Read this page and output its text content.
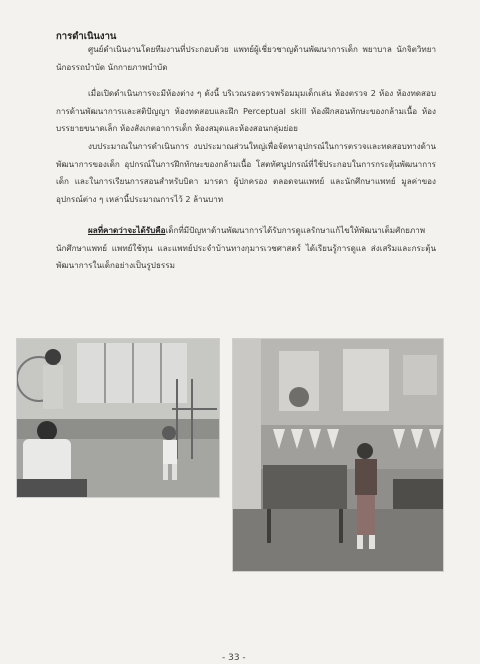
การดำเนินงาน
ศูนย์ดำเนินงานโดยทีมงานที่ประกอบด้วย แพทย์ผู้เชี่ยวชาญด้านพัฒนาการเด็ก พยาบาล นักจิตวิทยา นักอรรถบำบัด นักกายภาพบำบัด
เมื่อเปิดดำเนินการจะมีห้องต่าง ๆ ดังนี้ บริเวณรอตรวจพร้อมมุมเด็กเล่น ห้องตรวจ 2 ห้อง ห้องทดสอบการด้านพัฒนาการและสติปัญญา ห้องทดสอบและฝึก Perceptual skill ห้องฝึกสอนทักษะของกล้ามเนื้อ ห้องบรรยายขนาดเล็ก ห้องสังเกตอาการเด็ก ห้องสมุดและห้องสอนกลุ่มย่อย
งบประมาณในการดำเนินการ งบประมาณส่วนใหญ่เพื่อจัดหาอุปกรณ์ในการตรวจและทดสอบทางด้านพัฒนาการของเด็ก อุปกรณ์ในการฝึกทักษะของกล้ามเนื้อ โสตทัศนูปกรณ์ที่ใช้ประกอบในการกระตุ้นพัฒนาการเด็ก และในการเรียนการสอนสำหรับบิดา มารดา ผู้ปกครอง ตลอดจนแพทย์ และนักศึกษาแพทย์ มูลค่าของอุปกรณ์ต่าง ๆ เหล่านี้ประมาณการไว้ 2 ล้านบาท
ผลที่คาดว่าจะได้รับคือเด็กที่มีปัญหาด้านพัฒนาการได้รับการดูแลรักษาแก้ไขให้พัฒนาเต็มศักยภาพ นักศึกษาแพทย์ แพทย์ใช้ทุน และแพทย์ประจำบ้านทางกุมารเวชศาสตร์ ได้เรียนรู้การดูแล ส่งเสริมและกระตุ้นพัฒนาการในเด็กอย่างเป็นรูปธรรม
- 33 -
